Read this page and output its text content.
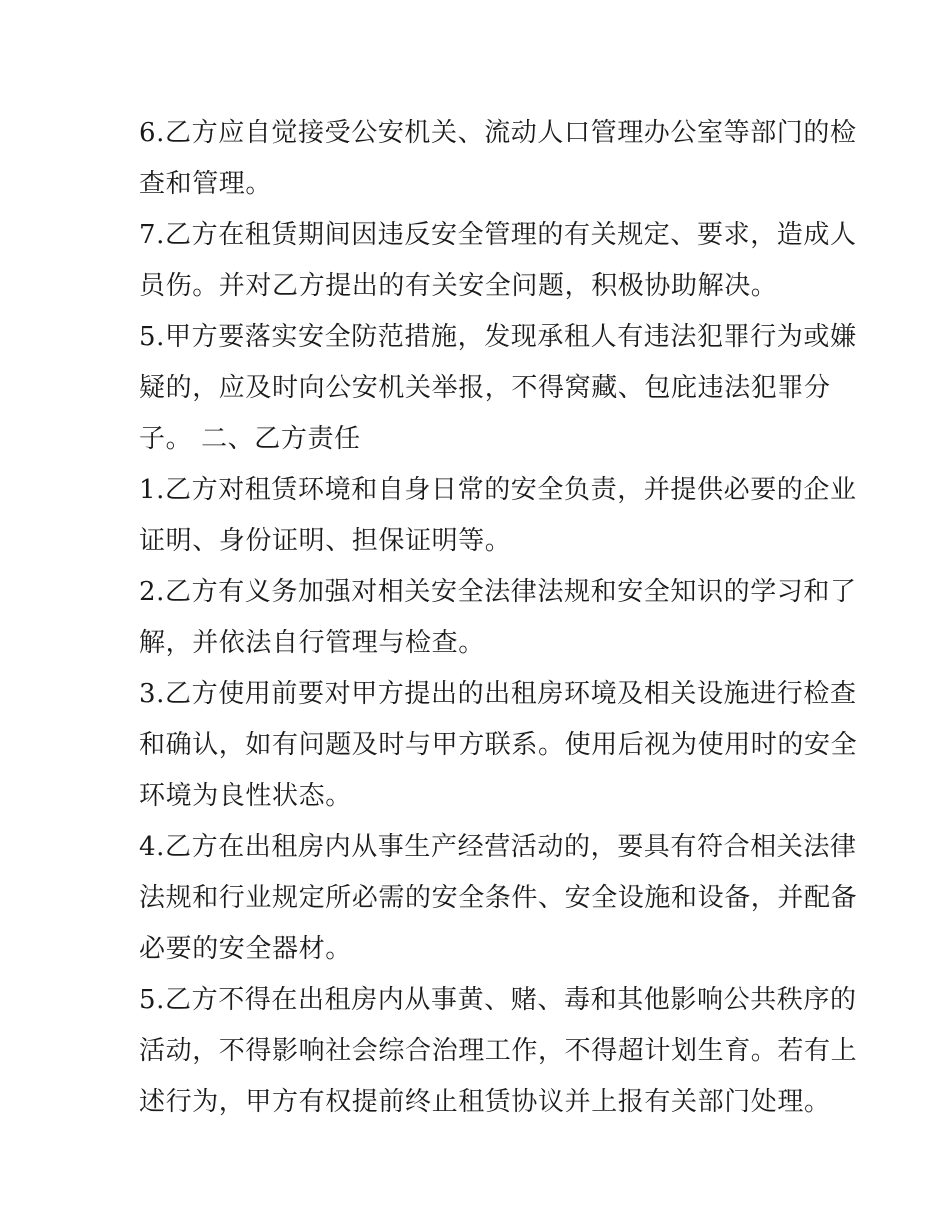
6.乙方应自觉接受公安机关、流动人口管理办公室等部门的检
查和管理。
7.乙方在租赁期间因违反安全管理的有关规定、要求，造成人
员伤。并对乙方提出的有关安全问题，积极协助解决。
5.甲方要落实安全防范措施，发现承租人有违法犯罪行为或嫌
疑的，应及时向公安机关举报，不得窝藏、包庇违法犯罪分
子。 二、乙方责任
1.乙方对租赁环境和自身日常的安全负责，并提供必要的企业
证明、身份证明、担保证明等。
2.乙方有义务加强对相关安全法律法规和安全知识的学习和了
解，并依法自行管理与检查。
3.乙方使用前要对甲方提出的出租房环境及相关设施进行检查
和确认，如有问题及时与甲方联系。使用后视为使用时的安全
环境为良性状态。
4.乙方在出租房内从事生产经营活动的，要具有符合相关法律
法规和行业规定所必需的安全条件、安全设施和设备，并配备
必要的安全器材。
5.乙方不得在出租房内从事黄、赌、毒和其他影响公共秩序的
活动，不得影响社会综合治理工作，不得超计划生育。若有上
述行为，甲方有权提前终止租赁协议并上报有关部门处理。
